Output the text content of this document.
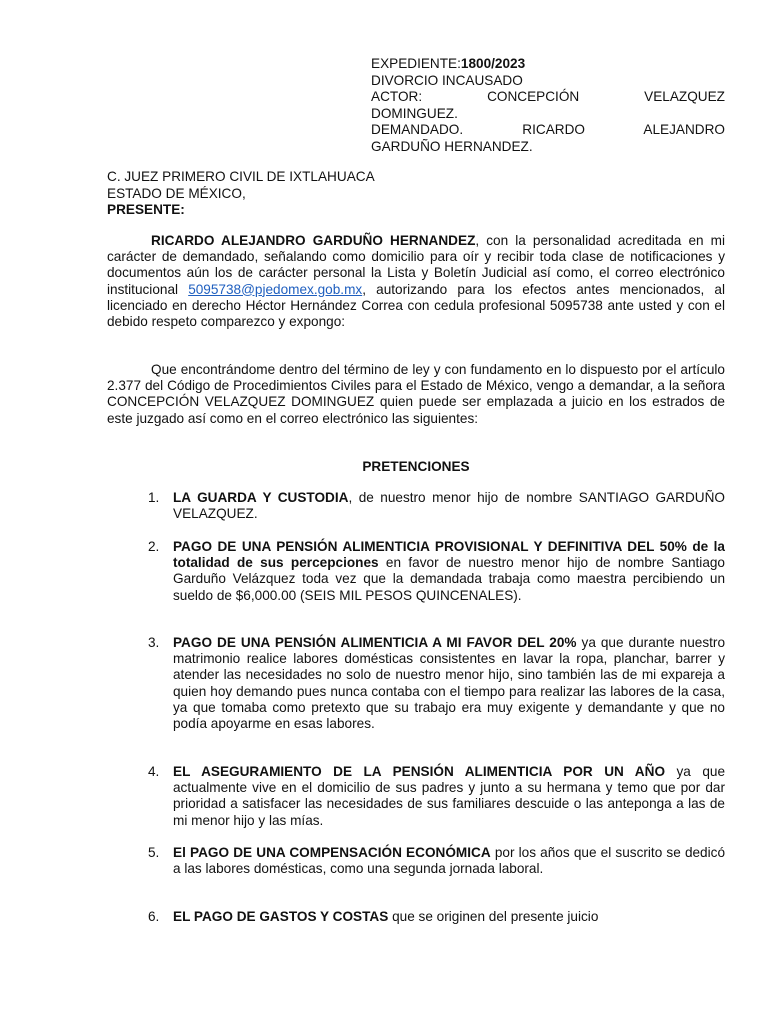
EXPEDIENTE:1800/2023
DIVORCIO INCAUSADO
ACTOR: CONCEPCIÓN VELAZQUEZ
DOMINGUEZ.
DEMANDADO. RICARDO ALEJANDRO
GARDUÑO HERNANDEZ.
C. JUEZ PRIMERO CIVIL DE IXTLAHUACA
ESTADO DE MÉXICO,
PRESENTE:
RICARDO ALEJANDRO GARDUÑO HERNANDEZ, con la personalidad acreditada en mi carácter de demandado, señalando como domicilio para oír y recibir toda clase de notificaciones y documentos aún los de carácter personal la Lista y Boletín Judicial así como, el correo electrónico institucional 5095738@pjedomex.gob.mx, autorizando para los efectos antes mencionados, al licenciado en derecho Héctor Hernández Correa con cedula profesional 5095738 ante usted y con el debido respeto comparezco y expongo:
Que encontrándome dentro del término de ley y con fundamento en lo dispuesto por el artículo 2.377 del Código de Procedimientos Civiles para el Estado de México, vengo a demandar, a la señora CONCEPCIÓN VELAZQUEZ DOMINGUEZ quien puede ser emplazada a juicio en los estrados de este juzgado así como en el correo electrónico las siguientes:
PRETENCIONES
1.	LA GUARDA Y CUSTODIA, de nuestro menor hijo de nombre SANTIAGO GARDUÑO VELAZQUEZ.
2.	PAGO DE UNA PENSIÓN ALIMENTICIA PROVISIONAL Y DEFINITIVA DEL 50% de la totalidad de sus percepciones en favor de nuestro menor hijo de nombre Santiago Garduño Velázquez toda vez que la demandada trabaja como maestra percibiendo un sueldo de $6,000.00 (SEIS MIL PESOS QUINCENALES).
3.	PAGO DE UNA PENSIÓN ALIMENTICIA A MI FAVOR DEL 20% ya que durante nuestro matrimonio realice labores domésticas consistentes en lavar la ropa, planchar, barrer y atender las necesidades no solo de nuestro menor hijo, sino también las de mi expareja a quien hoy demando pues nunca contaba con el tiempo para realizar las labores de la casa, ya que tomaba como pretexto que su trabajo era muy exigente y demandante y que no podía apoyarme en esas labores.
4.	EL ASEGURAMIENTO DE LA PENSIÓN ALIMENTICIA POR UN AÑO ya que actualmente vive en el domicilio de sus padres y junto a su hermana y temo que por dar prioridad a satisfacer las necesidades de sus familiares descuide o las anteponga a las de mi menor hijo y las mías.
5.	El PAGO DE UNA COMPENSACIÓN ECONÓMICA por los años que el suscrito se dedicó a las labores domésticas, como una segunda jornada laboral.
6.	EL PAGO DE GASTOS Y COSTAS que se originen del presente juicio
